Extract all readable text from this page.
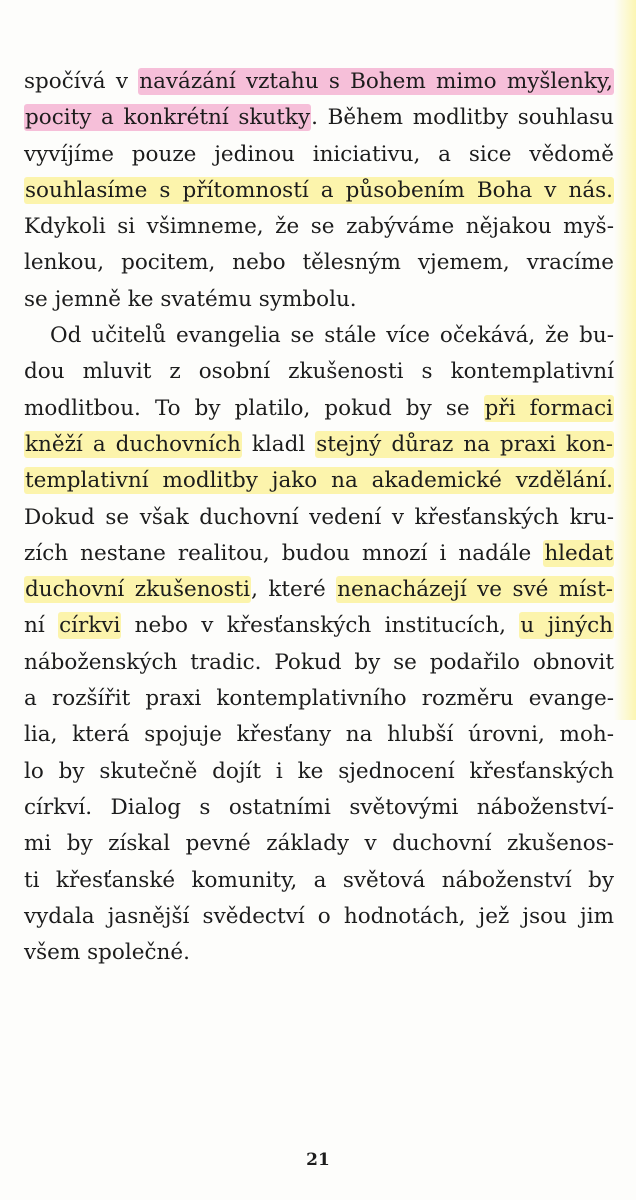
spočívá v navázání vztahu s Bohem mimo myšlenky,
pocity a konkrétní skutky. Během modlitby souhlasu
vyvíjíme pouze jedinou iniciativu, a sice vědomě
souhlasíme s přítomností a působením Boha v nás.
Kdykoli si všimneme, že se zabýváme nějakou myš-
lenkou, pocitem, nebo tělesným vjemem, vracíme
se jemně ke svatému symbolu.
Od učitelů evangelia se stále více očekává, že bu-
dou mluvit z osobní zkušenosti s kontemplativní
modlitbou. To by platilo, pokud by se při formaci
kněží a duchovních kladl stejný důraz na praxi kon-
templativní modlitby jako na akademické vzdělání.
Dokud se však duchovní vedení v křesťanských kru-
zích nestane realitou, budou mnozí i nadále hledat
duchovní zkušenosti, které nenacházejí ve své míst-
ní církvi nebo v křesťanských institucích, u jiných
náboženských tradic. Pokud by se podařilo obnovit
a rozšířit praxi kontemplativního rozměru evange-
lia, která spojuje křesťany na hlubší úrovni, moh-
lo by skutečně dojít i ke sjednocení křesťanských
církví. Dialog s ostatními světovými náboženství-
mi by získal pevné základy v duchovní zkušenos-
ti křesťanské komunity, a světová náboženství by
vydala jasnější svědectví o hodnotách, jež jsou jim
všem společné.
21
